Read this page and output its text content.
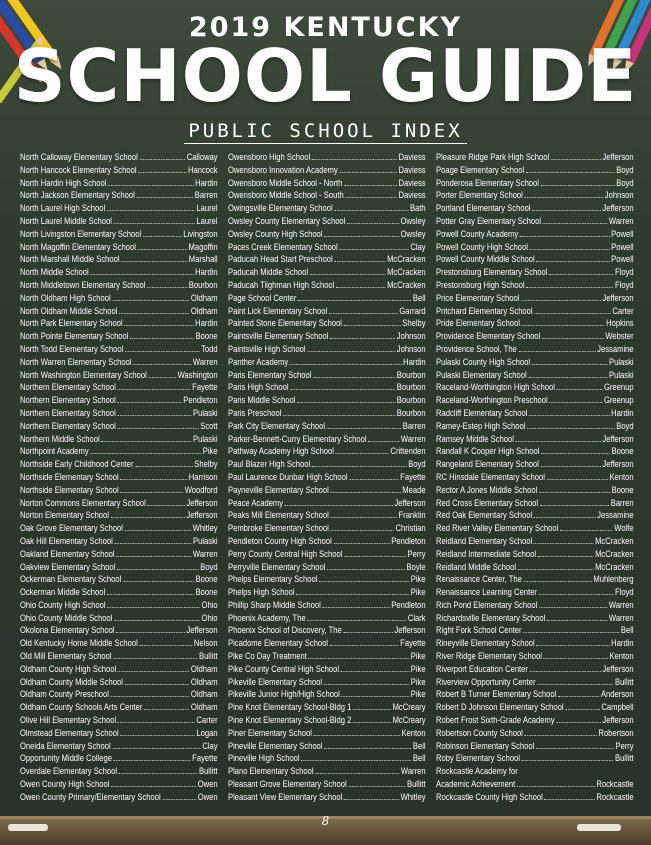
2019 KENTUCKY
SCHOOL GUIDE
PUBLIC SCHOOL INDEX
North Calloway Elementary School	Calloway
North Hancock Elementary School	Hancock
North Hardin High School	Hardin
North Jackson Elementary School	Barren
North Laurel High School	Laurel
North Laurel Middle School	Laurel
North Livingston Elementary School	Livingston
North Magoffin Elementary School	Magoffin
North Marshall Middle School	Marshall
North Middle School	Hardin
North Middletown Elementary School	Bourbon
North Oldham High School	Oldham
North Oldham Middle School	Oldham
North Park Elementary School	Hardin
North Pointe Elementary School	Boone
North Todd Elementary School	Todd
North Warren Elementary School	Warren
North Washington Elementary School	Washington
Northern Elementary School	Fayette
Northern Elementary School	Pendleton
Northern Elementary School	Pulaski
Northern Elementary School	Scott
Northern Middle School	Pulaski
Northpoint Academy	Pike
Northside Early Childhood Center	Shelby
Northside Elementary School	Harrison
Northside Elementary School	Woodford
Norton Commons Elementary School	Jefferson
Norton Elementary School	Jefferson
Oak Grove Elementary School	Whitley
Oak Hill Elementary School	Pulaski
Oakland Elementary School	Warren
Oakview Elementary School	Boyd
Ockerman Elementary School	Boone
Ockerman Middle School	Boone
Ohio County High School	Ohio
Ohio County Middle School	Ohio
Okolona Elementary School	Jefferson
Old Kentucky Home Middle School	Nelson
Old Mill Elementary School	Bullitt
Oldham County High School	Oldham
Oldham County Middle School	Oldham
Oldham County Preschool	Oldham
Oldham County Schools Arts Center	Oldham
Olive Hill Elementary School	Carter
Olmstead Elementary School	Logan
Oneida Elementary School	Clay
Opportunity Middle College	Fayette
Overdale Elementary School	Bullitt
Owen County High School	Owen
Owen County Primary/Elementary School	Owen
Owensboro High School	Daviess
Owensboro Innovation Academy	Daviess
Owensboro Middle School - North	Daviess
Owensboro Middle School - South	Daviess
Owingsville Elementary School	Bath
Owsley County Elementary School	Owsley
Owsley County High School	Owsley
Paces Creek Elementary School	Clay
Paducah Head Start Preschool	McCracken
Paducah Middle School	McCracken
Paducah Tilghman High School	McCracken
Page School Center	Bell
Paint Lick Elementary School	Garrard
Painted Stone Elementary School	Shelby
Paintsville Elementary School	Johnson
Paintsville High School	Johnson
Panther Academy	Hardin
Paris Elementary School	Bourbon
Paris High School	Bourbon
Paris Middle School	Bourbon
Paris Preschool	Bourbon
Park City Elementary School	Barren
Parker-Bennett-Curry Elementary School	Warren
Pathway Academy High School	Crittenden
Paul Blazer High School	Boyd
Paul Laurence Dunbar High School	Fayette
Payneville Elementary School	Meade
Peace Academy	Jefferson
Peaks Mill Elementary School	Franklin
Pembroke Elementary School	Christian
Pendleton County High School	Pendleton
Perry County Central High School	Perry
Perryville Elementary School	Boyle
Phelps Elementary School	Pike
Phelps High School	Pike
Phillip Sharp Middle School	Pendleton
Phoenix Academy, The	Clark
Phoenix School of Discovery, The	Jefferson
Picadome Elementary School	Fayette
Pike Co Day Treatment	Pike
Pike County Central High School	Pike
Pikeville Elementary School	Pike
Pikeville Junior High/High School	Pike
Pine Knot Elementary School-Bldg 1	McCreary
Pine Knot Elementary School-Bldg 2	McCreary
Piner Elementary School	Kenton
Pineville Elementary School	Bell
Pineville High School	Bell
Plano Elementary School	Warren
Pleasant Grove Elementary School	Bullitt
Pleasant View Elementary School	Whitley
Pleasure Ridge Park High School	Jefferson
Poage Elementary School	Boyd
Ponderosa Elementary School	Boyd
Porter Elementary School	Johnson
Portland Elementary School	Jefferson
Potter Gray Elementary School	Warren
Powell County Academy	Powell
Powell County High School	Powell
Powell County Middle School	Powell
Prestonsburg Elementary School	Floyd
Prestonsburg High School	Floyd
Price Elementary School	Jefferson
Pritchard Elementary School	Carter
Pride Elementary School	Hopkins
Providence Elementary School	Webster
Providence School, The	Jessamine
Pulaski County High School	Pulaski
Pulaski Elementary School	Pulaski
Raceland-Worthington High School	Greenup
Raceland-Worthington Preschool	Greenup
Radcliff Elementary School	Hardin
Ramey-Estep High School	Boyd
Ramsey Middle School	Jefferson
Randall K Cooper High School	Boone
Rangeland Elementary School	Jefferson
RC Hinsdale Elementary School	Kenton
Rector A Jones Middle School	Boone
Red Cross Elementary School	Barren
Red Oak Elementary School	Jessamine
Red River Valley Elementary School	Wolfe
Reidland Elementary School	McCracken
Reidland Intermediate School	McCracken
Reidland Middle School	McCracken
Renaissance Center, The	Muhlenberg
Renaissance Learning Center	Floyd
Rich Pond Elementary School	Warren
Richardsville Elementary School	Warren
Right Fork School Center	Bell
Rineyville Elementary School	Hardin
River Ridge Elementary School	Kenton
Riverport Education Center	Jefferson
Riverview Opportunity Center	Bullitt
Robert B Turner Elementary School	Anderson
Robert D Johnson Elementary School	Campbell
Robert Frost Sixth-Grade Academy	Jefferson
Robertson County School	Robertson
Robinson Elementary School	Perry
Roby Elementary School	Bullitt
Rockcastle Academy for
Academic Achievement	Rockcastle
Rockcastle County High School	Rockcastle
8
